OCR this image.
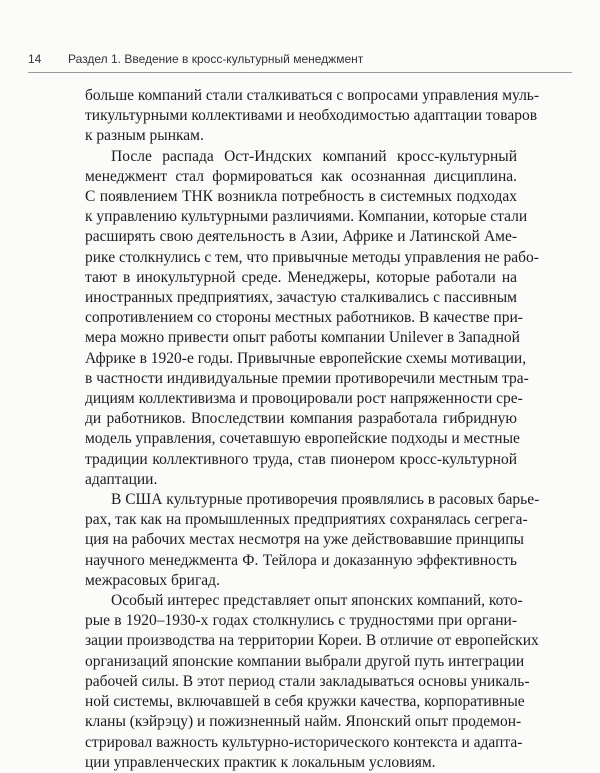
14	Раздел 1. Введение в кросс-культурный менеджмент

больше компаний стали сталкиваться с вопросами управления муль-
тикультурными коллективами и необходимостью адаптации товаров
к разным рынкам.

После распада Ост-Индских компаний кросс-культурный
менеджмент стал формироваться как осознанная дисциплина.
С появлением ТНК возникла потребность в системных подходах
к управлению культурными различиями. Компании, которые стали
расширять свою деятельность в Азии, Африке и Латинской Аме-
рике столкнулись с тем, что привычные методы управления не рабо-
тают в инокультурной среде. Менеджеры, которые работали на
иностранных предприятиях, зачастую сталкивались с пассивным
сопротивлением со стороны местных работников. В качестве при-
мера можно привести опыт работы компании Unilever в Западной
Африке в 1920-е годы. Привычные европейские схемы мотивации,
в частности индивидуальные премии противоречили местным тра-
дициям коллективизма и провоцировали рост напряженности сре-
ди работников. Впоследствии компания разработала гибридную
модель управления, сочетавшую европейские подходы и местные
традиции коллективного труда, став пионером кросс-культурной
адаптации.

В США культурные противоречия проявлялись в расовых барье-
рах, так как на промышленных предприятиях сохранялась сегрега-
ция на рабочих местах несмотря на уже действовавшие принципы
научного менеджмента Ф. Тейлора и доказанную эффективность
межрасовых бригад.

Особый интерес представляет опыт японских компаний, кото-
рые в 1920–1930-х годах столкнулись с трудностями при органи-
зации производства на территории Кореи. В отличие от европейских
организаций японские компании выбрали другой путь интеграции
рабочей силы. В этот период стали закладываться основы уникаль-
ной системы, включавшей в себя кружки качества, корпоративные
кланы (кэйрэцу) и пожизненный найм. Японский опыт продемон-
стрировал важность культурно-исторического контекста и адапта-
ции управленческих практик к локальным условиям.
